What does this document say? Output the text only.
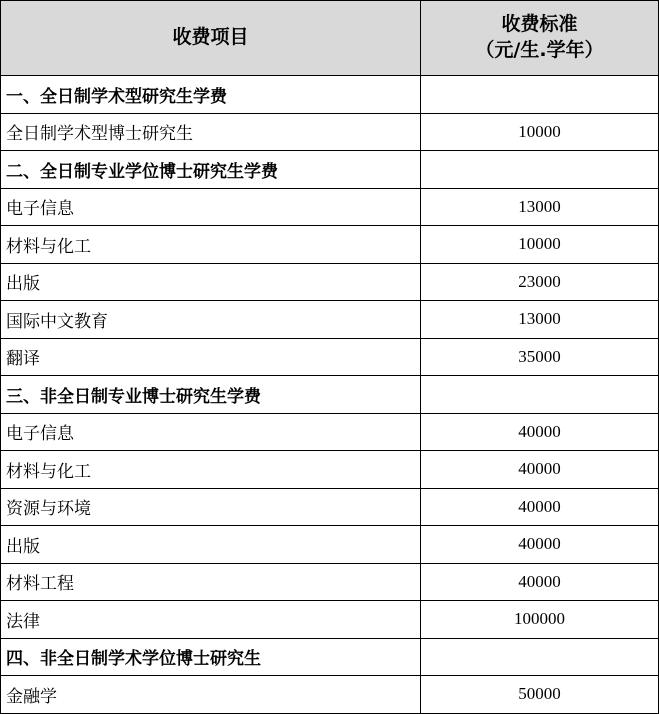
收费项目	收费标准
（元/生.学年）

一、全日制学术型研究生学费	
全日制学术型博士研究生	10000
二、全日制专业学位博士研究生学费	
电子信息	13000
材料与化工	10000
出版	23000
国际中文教育	13000
翻译	35000
三、非全日制专业博士研究生学费	
电子信息	40000
材料与化工	40000
资源与环境	40000
出版	40000
材料工程	40000
法律	100000
四、非全日制学术学位博士研究生	
金融学	50000
